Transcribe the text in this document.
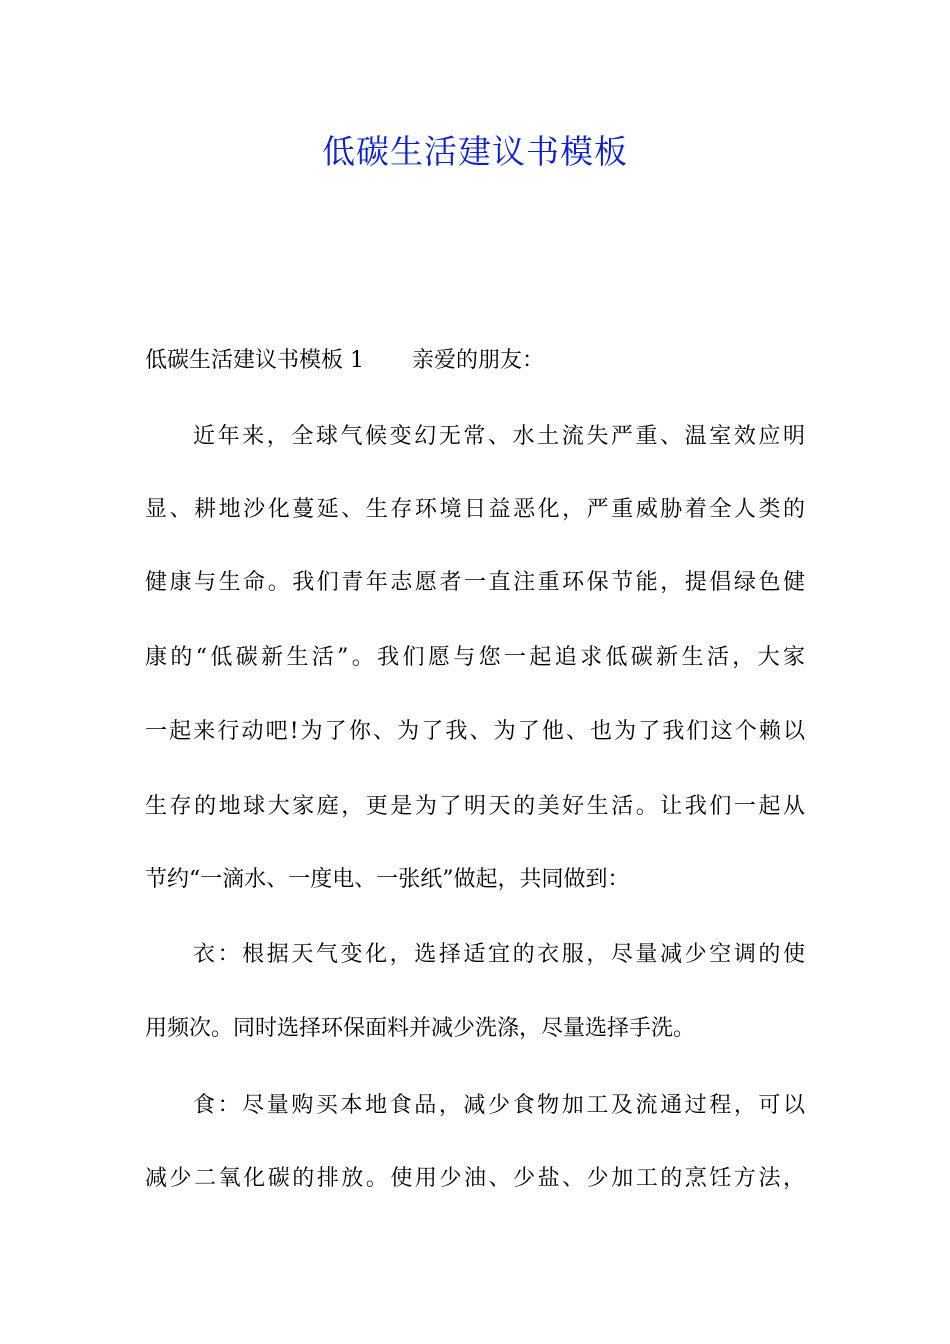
低碳生活建议书模板
低碳生活建议书模板 1 亲爱的朋友：
近年来，全球气候变幻无常、水土流失严重、温室效应明
显、耕地沙化蔓延、生存环境日益恶化，严重威胁着全人类的
健康与生命。我们青年志愿者一直注重环保节能，提倡绿色健
康的“低碳新生活”。我们愿与您一起追求低碳新生活，大家
一起来行动吧!为了你、为了我、为了他、也为了我们这个赖以
生存的地球大家庭，更是为了明天的美好生活。让我们一起从
节约“一滴水、一度电、一张纸”做起，共同做到：
衣：根据天气变化，选择适宜的衣服，尽量减少空调的使
用频次。同时选择环保面料并减少洗涤，尽量选择手洗。
食：尽量购买本地食品，减少食物加工及流通过程，可以
减少二氧化碳的排放。使用少油、少盐、少加工的烹饪方法，
